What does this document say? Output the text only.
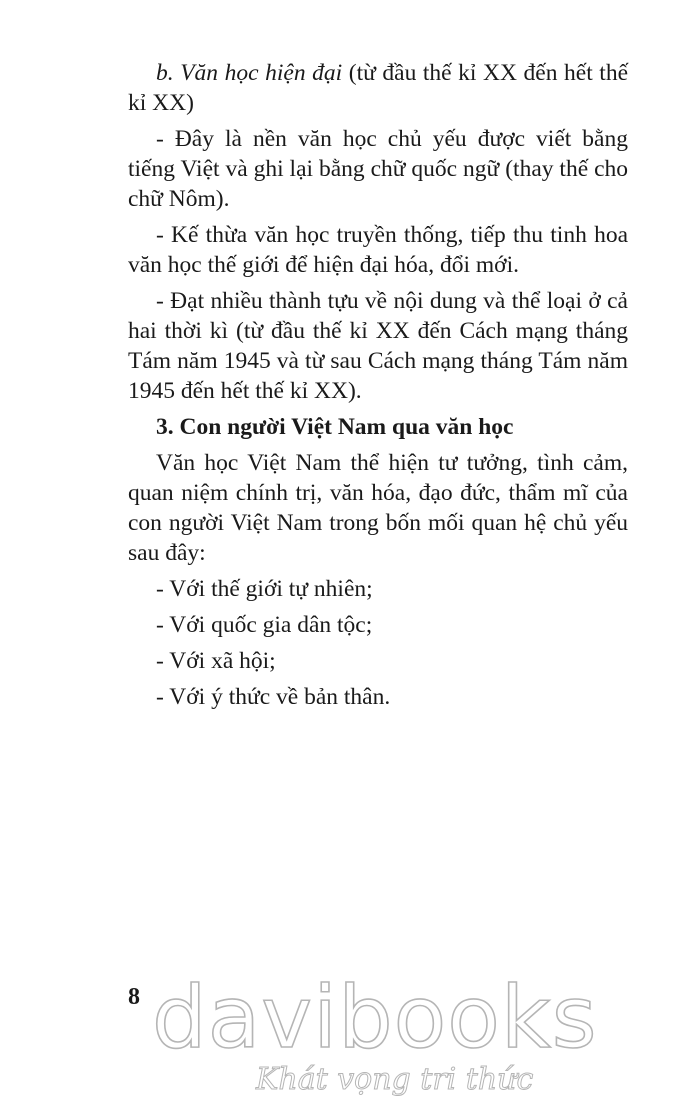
b. Văn học hiện đại (từ đầu thế kỉ XX đến hết thế kỉ XX)

- Đây là nền văn học chủ yếu được viết bằng tiếng Việt và ghi lại bằng chữ quốc ngữ (thay thế cho chữ Nôm).

- Kế thừa văn học truyền thống, tiếp thu tinh hoa văn học thế giới để hiện đại hóa, đổi mới.

- Đạt nhiều thành tựu về nội dung và thể loại ở cả hai thời kì (từ đầu thế kỉ XX đến Cách mạng tháng Tám năm 1945 và từ sau Cách mạng tháng Tám năm 1945 đến hết thế kỉ XX).

3. Con người Việt Nam qua văn học

Văn học Việt Nam thể hiện tư tưởng, tình cảm, quan niệm chính trị, văn hóa, đạo đức, thẩm mĩ của con người Việt Nam trong bốn mối quan hệ chủ yếu sau đây:

- Với thế giới tự nhiên;

- Với quốc gia dân tộc;

- Với xã hội;

- Với ý thức về bản thân.

8 davibooks
Khát vọng tri thức
